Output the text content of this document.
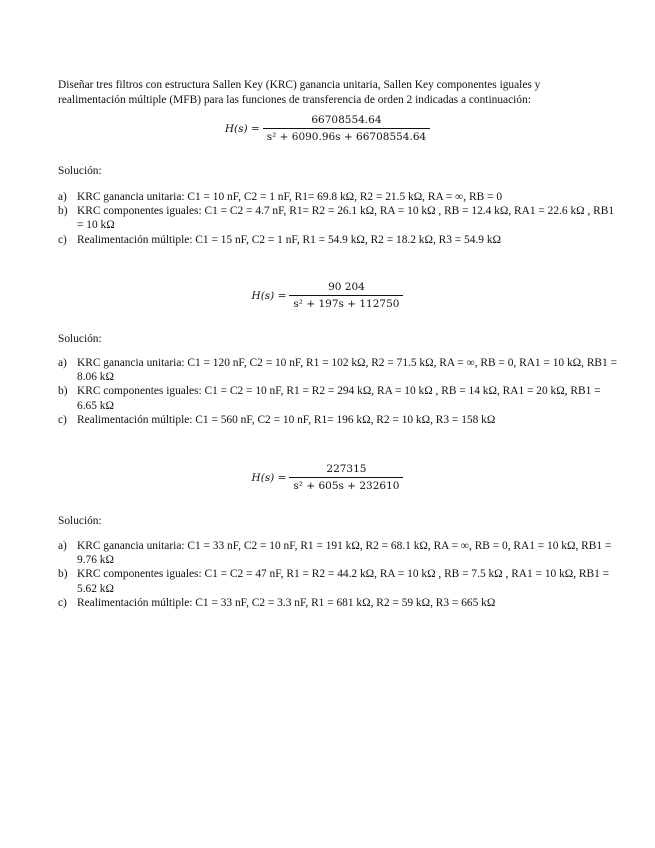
Diseñar tres filtros con estructura Sallen Key (KRC) ganancia unitaria, Sallen Key componentes iguales y realimentación múltiple (MFB) para las funciones de transferencia de orden 2 indicadas a continuación:
$H(s) = \frac{66708554.64}{\text{s² + 6090.96s + 66708554.64}}$
Solución:
a) KRC ganancia unitaria: C1 = 10 nF, C2 = 1 nF, R1= 69.8 kΩ, R2 = 21.5 kΩ, RA = ∞, RB = 0
b) KRC componentes iguales: C1 = C2 = 4.7 nF, R1= R2 = 26.1 kΩ, RA = 10 kΩ , RB = 12.4 kΩ, RA1 = 22.6 kΩ , RB1 = 10 kΩ
c) Realimentación múltiple: C1 = 15 nF, C2 = 1 nF, R1 = 54.9 kΩ, R2 = 18.2 kΩ, R3 = 54.9 kΩ
$H(s) = \frac{90 204}{\text{s² + 197s + 112750}}$
Solución:
a) KRC ganancia unitaria: C1 = 120 nF, C2 = 10 nF, R1 = 102 kΩ, R2 = 71.5 kΩ, RA = ∞, RB = 0, RA1 = 10 kΩ, RB1 = 8.06 kΩ
b) KRC componentes iguales: C1 = C2 = 10 nF, R1 = R2 = 294 kΩ, RA = 10 kΩ , RB = 14 kΩ, RA1 = 20 kΩ, RB1 = 6.65 kΩ
c) Realimentación múltiple: C1 = 560 nF, C2 = 10 nF, R1= 196 kΩ, R2 = 10 kΩ, R3 = 158 kΩ
$H(s) = \frac{227315}{\text{s² + 605s + 232610}}$
Solución:
a) KRC ganancia unitaria: C1 = 33 nF, C2 = 10 nF, R1 = 191 kΩ, R2 = 68.1 kΩ, RA = ∞, RB = 0, RA1 = 10 kΩ, RB1 = 9.76 kΩ
b) KRC componentes iguales: C1 = C2 = 47 nF, R1 = R2 = 44.2 kΩ, RA = 10 kΩ , RB = 7.5 kΩ , RA1 = 10 kΩ, RB1 = 5.62 kΩ
c) Realimentación múltiple: C1 = 33 nF, C2 = 3.3 nF, R1 = 681 kΩ, R2 = 59 kΩ, R3 = 665 kΩ
